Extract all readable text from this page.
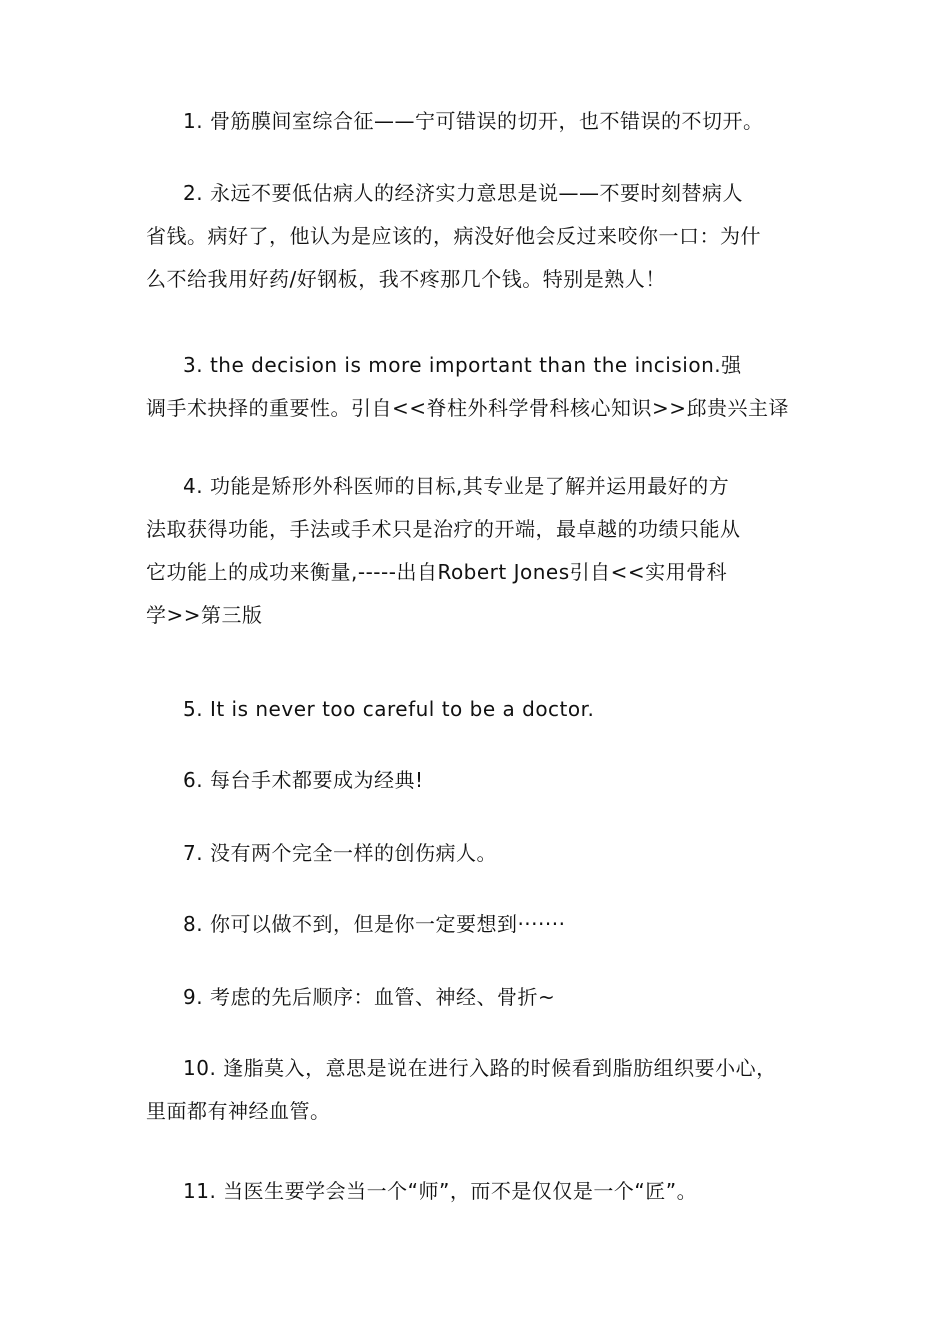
1. 骨筋膜间室综合征——宁可错误的切开，也不错误的不切开。
2. 永远不要低估病人的经济实力意思是说——不要时刻替病人
省钱。病好了，他认为是应该的，病没好他会反过来咬你一口：为什
么不给我用好药/好钢板，我不疼那几个钱。特别是熟人！
3. the decision is more important than the incision.强
调手术抉择的重要性。引自<<脊柱外科学骨科核心知识>>邱贵兴主译
4. 功能是矫形外科医师的目标,其专业是了解并运用最好的方
法取获得功能，手法或手术只是治疗的开端，最卓越的功绩只能从
它功能上的成功来衡量,-----出自Robert Jones引自<<实用骨科
学>>第三版
5. It is never too careful to be a doctor.
6. 每台手术都要成为经典!
7. 没有两个完全一样的创伤病人。
8. 你可以做不到，但是你一定要想到·······
9. 考虑的先后顺序：血管、神经、骨折~
10. 逢脂莫入，意思是说在进行入路的时候看到脂肪组织要小心，
里面都有神经血管。
11. 当医生要学会当一个“师”，而不是仅仅是一个“匠”。
